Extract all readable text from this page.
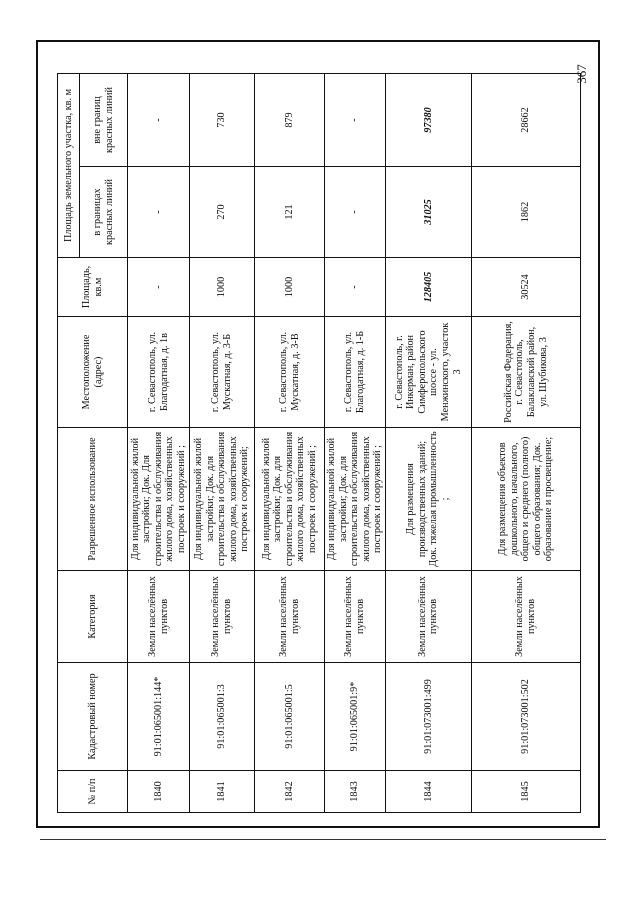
367
№ п/п	Кадастровый номер	Категория	Разрешенное использование	Местоположение (адрес)	Площадь, кв.м	Площадь земельного участка, кв. м	
						в границах красных линий	вне границ красных линий
1840	91:01:065001:144*	Земли населённых пунктов	Для индивидуальной жилой застройки; Док. Для строительства и обслуживания жилого дома, хозяйственных построек и сооружений ;	г. Севастополь, ул. Благодатная, д. 1в	-	-	-
1841	91:01:065001:3	Земли населённых пунктов	Для индивидуальной жилой застройки; Док. для строительства и обслуживания жилого дома, хозяйственных построек и сооружений;	г. Севастополь, ул. Мускатная, д. 3-Б	1000	270	730
1842	91:01:065001:5	Земли населённых пунктов	Для индивидуальной жилой застройки; Док. для строительства и обслуживания жилого дома, хозяйственных построек и сооружений ;	г. Севастополь, ул. Мускатная, д. 3-В	1000	121	879
1843	91:01:065001:9*	Земли населённых пунктов	Для индивидуальной жилой застройки; Док. для строительства и обслуживания жилого дома, хозяйственных построек и сооружений ;	г. Севастополь, ул. Благодатная, д. 1-Б	-	-	-
1844	91:01:073001:499	Земли населённых пунктов	Для размещения производственных зданий; Док. тяжелая промышленность ;	г. Севастополь, г. Инкерман, район Симферопольского шоссе - ул. Менжинского, участок 3	128405	31025	97380
1845	91:01:073001:502	Земли населённых пунктов	Для размещения объектов дошкольного, начального, общего и среднего (полного) общего образования; Док. образование и просвещение;	Российская Федерация, г. Севастополь, Балаклавский район, ул. Шубикова, 3	30524	1862	28662
